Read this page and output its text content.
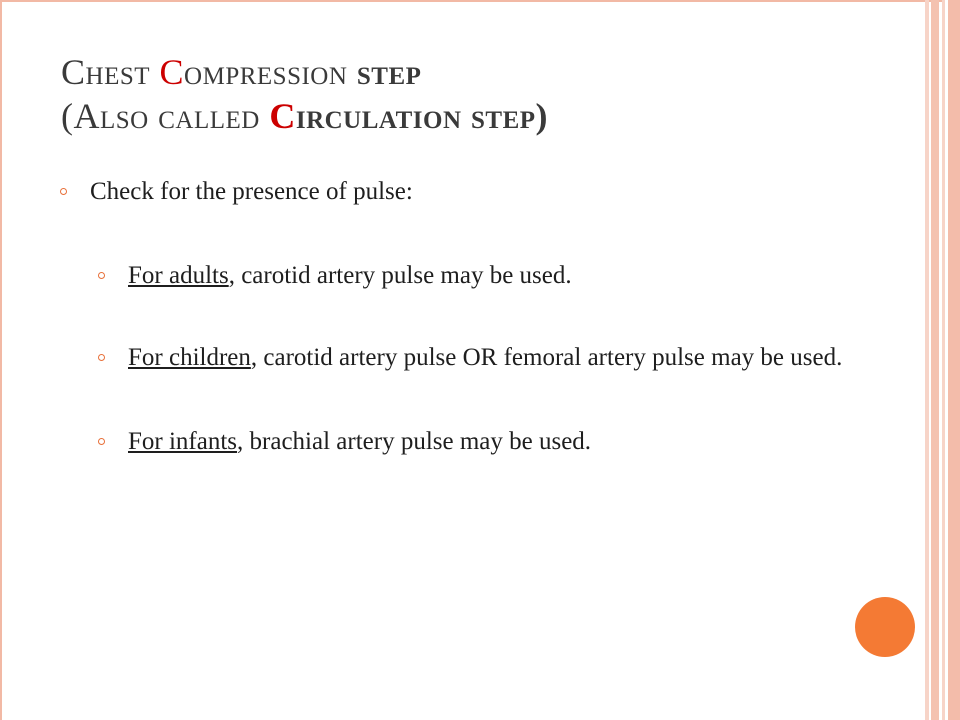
Chest Compression step
(Also called Circulation step)
Check for the presence of pulse:
For adults, carotid artery pulse may be used.
For children, carotid artery pulse OR femoral artery pulse may be used.
For infants, brachial artery pulse may be used.
